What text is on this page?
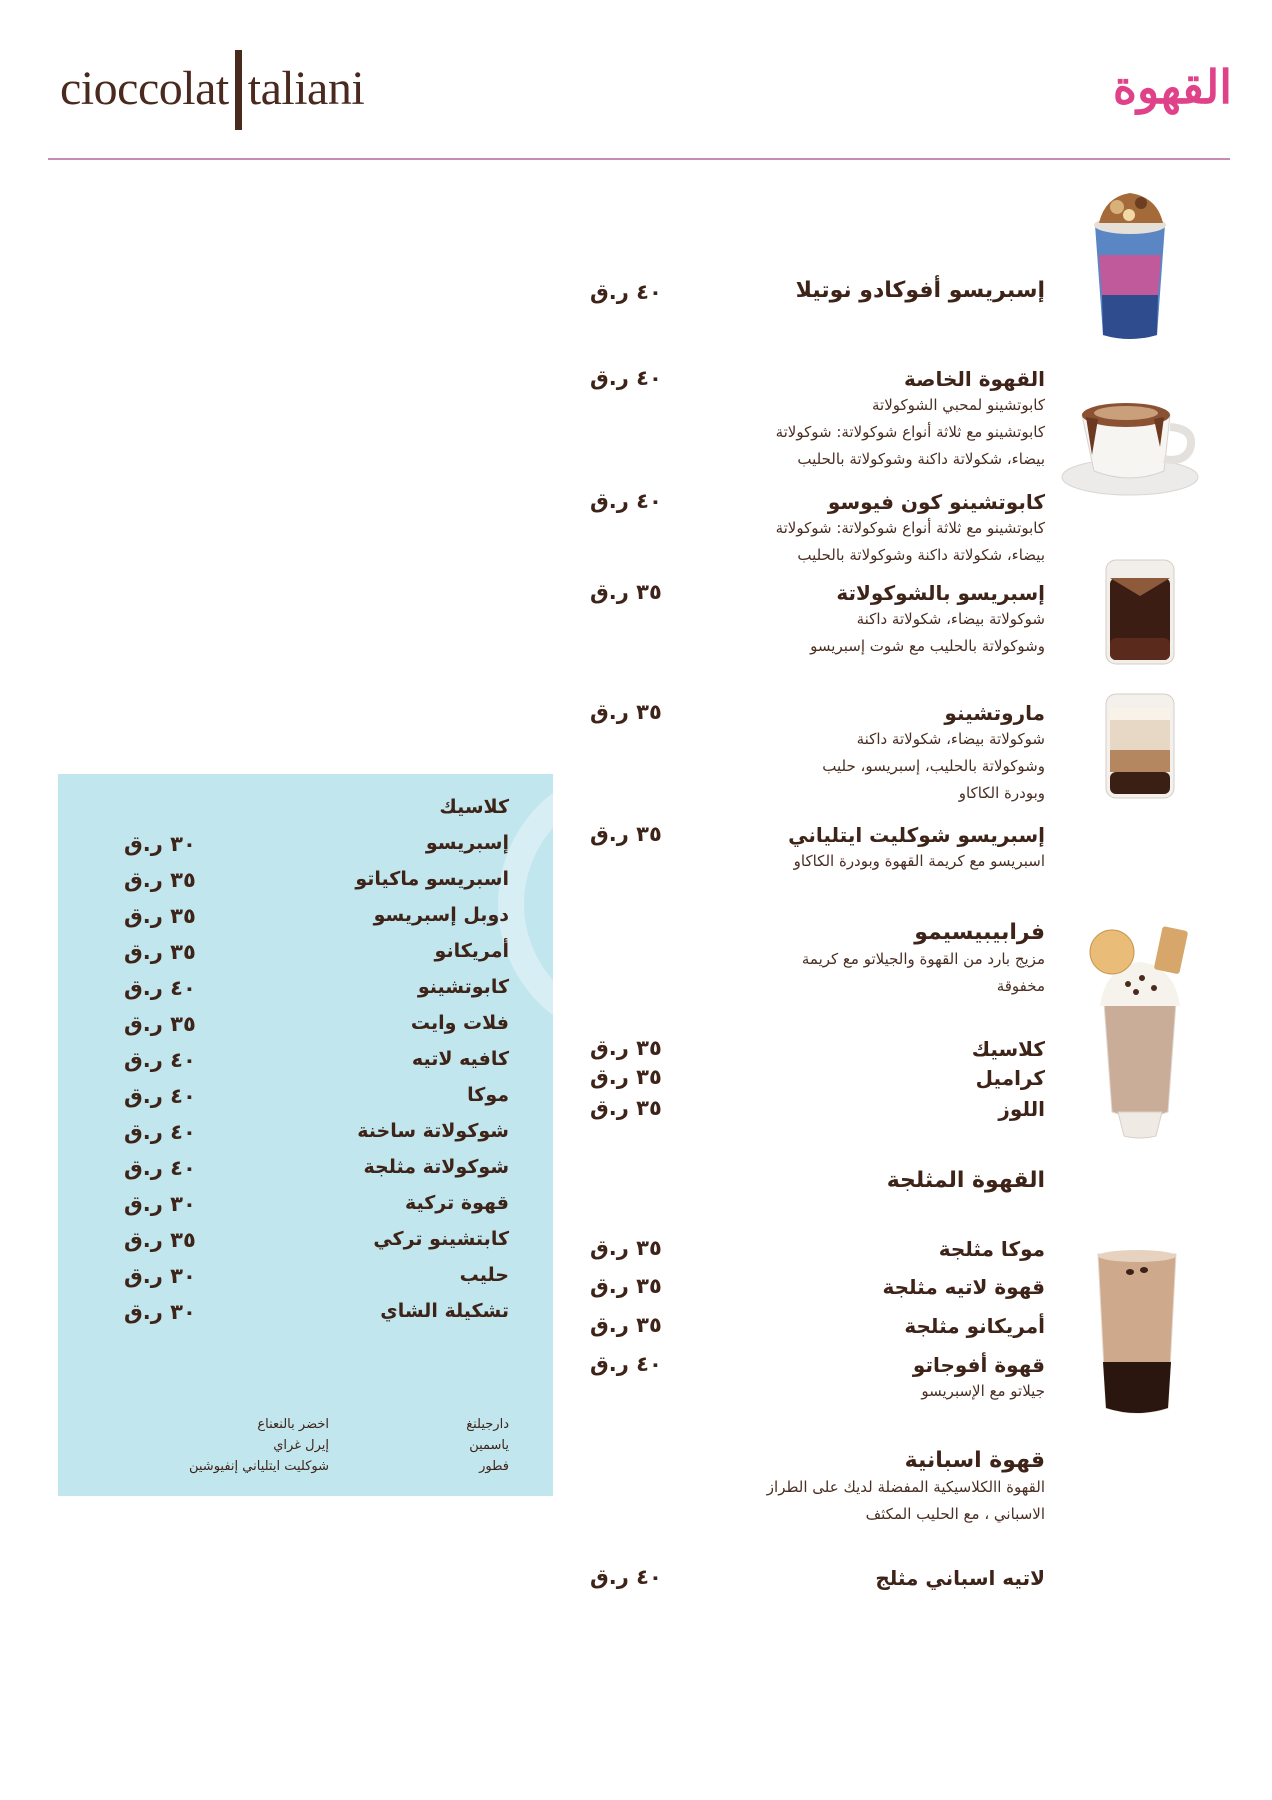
cioccolat taliani	القهوة
إسبريسو أفوكادو نوتيلا
٤٠ ر.ق
القهوة الخاصة
٤٠ ر.ق
كابوتشينو لمحبي الشوكولاتة
كابوتشينو مع ثلاثة أنواع شوكولاتة: شوكولاتة
بيضاء، شكولاتة داكنة وشوكولاتة بالحليب
كابوتشينو كون فيوسو
٤٠ ر.ق
كابوتشينو مع ثلاثة أنواع شوكولاتة: شوكولاتة
بيضاء، شكولاتة داكنة وشوكولاتة بالحليب
إسبريسو بالشوكولاتة
٣٥ ر.ق
شوكولاتة بيضاء، شكولاتة داكنة
وشوكولاتة بالحليب مع شوت إسبريسو
ماروتشينو
٣٥ ر.ق
شوكولاتة بيضاء، شكولاتة داكنة
وشوكولاتة بالحليب، إسبريسو، حليب
وبودرة الكاكاو
إسبريسو شوكليت ايتلياني
٣٥ ر.ق
اسبريسو مع كريمة القهوة وبودرة الكاكاو
فرابيبيسيمو
مزيج بارد من القهوة والجيلاتو مع كريمة
مخفوقة
كلاسيك
٣٥ ر.ق
كراميل
٣٥ ر.ق
اللوز
٣٥ ر.ق
القهوة المثلجة
موكا مثلجة
٣٥ ر.ق
قهوة لاتيه مثلجة
٣٥ ر.ق
أمريكانو مثلجة
٣٥ ر.ق
قهوة أفوجاتو
٤٠ ر.ق
جيلاتو مع الإسبريسو
قهوة اسبانية
القهوة االكلاسيكية المفضلة لديك على الطراز
الاسباني ، مع الحليب المكثف
لاتيه اسباني مثلج
٤٠ ر.ق
كلاسيك
إسبريسو
٣٠ ر.ق
اسبريسو ماكياتو
٣٥ ر.ق
دوبل إسبريسو
٣٥ ر.ق
أمريكانو
٣٥ ر.ق
كابوتشينو
٤٠ ر.ق
فلات وايت
٣٥ ر.ق
كافيه لاتيه
٤٠ ر.ق
موكا
٤٠ ر.ق
شوكولاتة ساخنة
٤٠ ر.ق
شوكولاتة مثلجة
٤٠ ر.ق
قهوة تركية
٣٠ ر.ق
كابتشينو تركي
٣٥ ر.ق
حليب
٣٠ ر.ق
تشكيلة الشاي
٣٠ ر.ق
دارجيلنغ
ياسمين
فطور
اخضر بالنعناع
إيرل غراي
شوكليت ايتلياني إنفيوشين
